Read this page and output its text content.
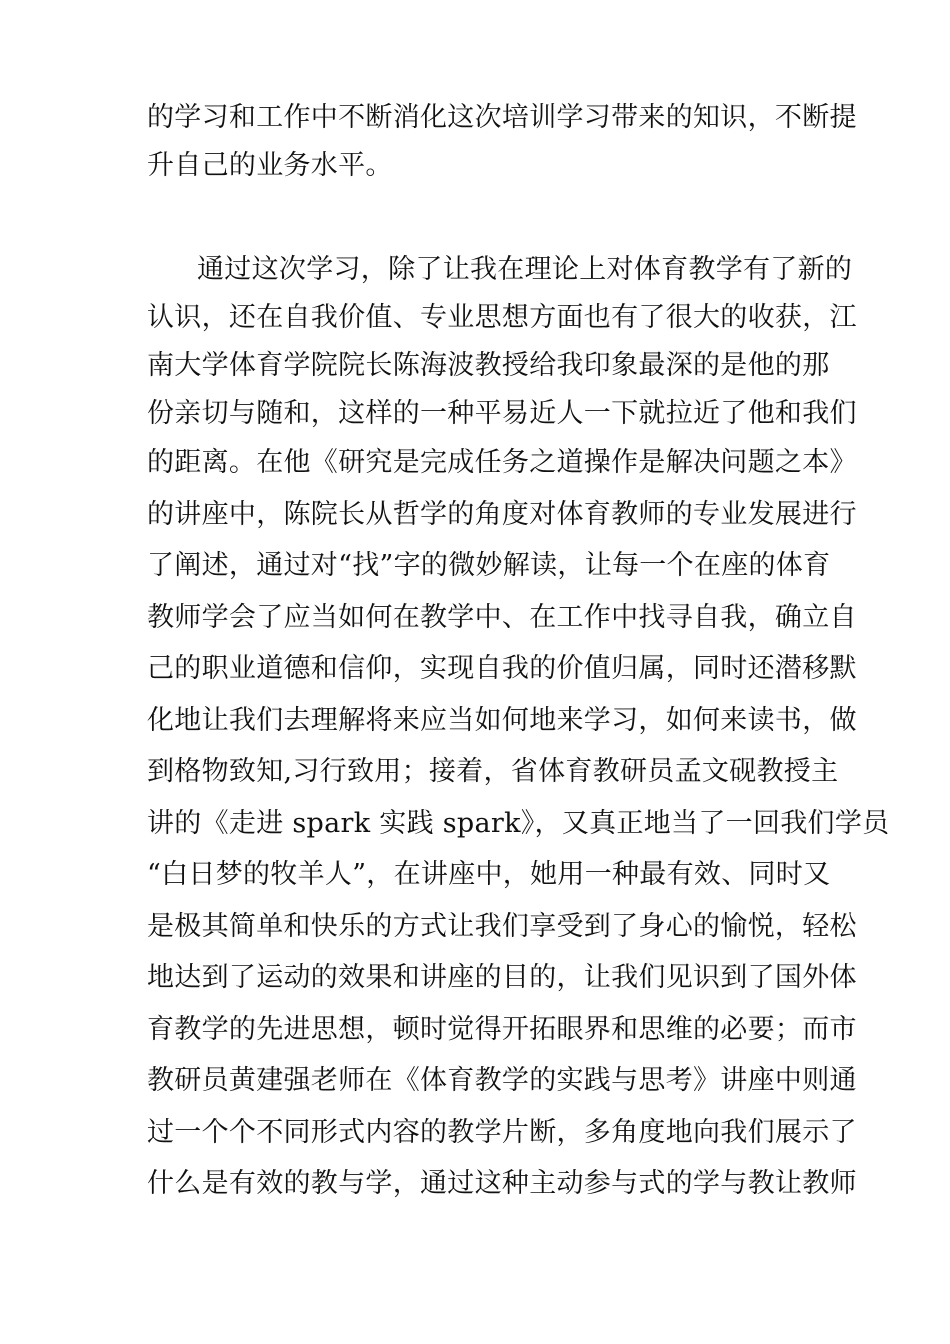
的学习和工作中不断消化这次培训学习带来的知识，不断提
升自己的业务水平。
通过这次学习，除了让我在理论上对体育教学有了新的
认识，还在自我价值、专业思想方面也有了很大的收获，江
南大学体育学院院长陈海波教授给我印象最深的是他的那
份亲切与随和，这样的一种平易近人一下就拉近了他和我们
的距离。在他《研究是完成任务之道操作是解决问题之本》
的讲座中，陈院长从哲学的角度对体育教师的专业发展进行
了阐述，通过对“找”字的微妙解读，让每一个在座的体育
教师学会了应当如何在教学中、在工作中找寻自我，确立自
己的职业道德和信仰，实现自我的价值归属，同时还潜移默
化地让我们去理解将来应当如何地来学习，如何来读书，做
到格物致知,习行致用；接着，省体育教研员孟文砚教授主
讲的《走进 spark 实践 spark》，又真正地当了一回我们学员
“白日梦的牧羊人”，在讲座中，她用一种最有效、同时又
是极其简单和快乐的方式让我们享受到了身心的愉悦，轻松
地达到了运动的效果和讲座的目的，让我们见识到了国外体
育教学的先进思想，顿时觉得开拓眼界和思维的必要；而市
教研员黄建强老师在《体育教学的实践与思考》讲座中则通
过一个个不同形式内容的教学片断，多角度地向我们展示了
什么是有效的教与学，通过这种主动参与式的学与教让教师
